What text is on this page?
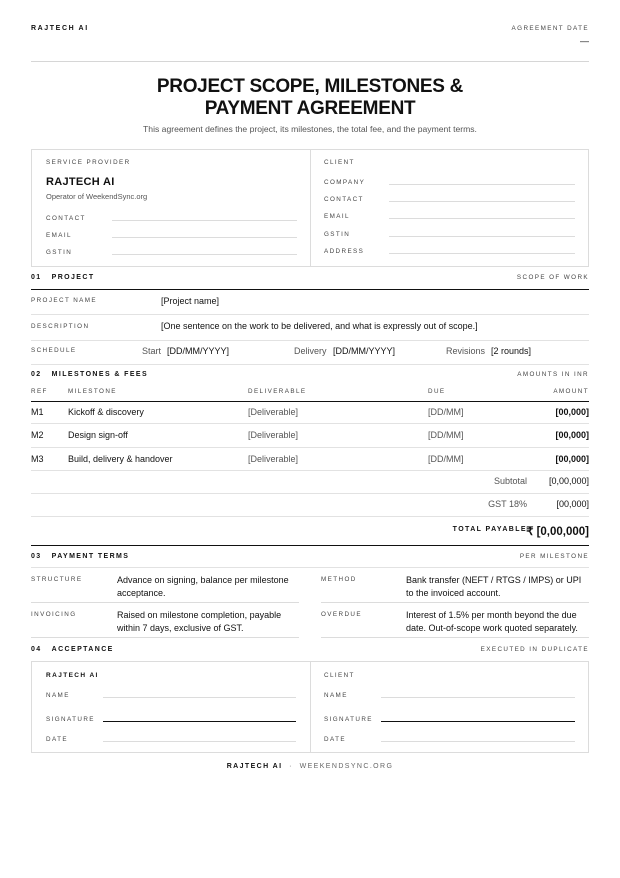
RAJTECH AI	AGREEMENT DATE
—
PROJECT SCOPE, MILESTONES &
PAYMENT AGREEMENT
This agreement defines the project, its milestones, the total fee, and the payment terms.
SERVICE PROVIDER
RAJTECH AI
Operator of WeekendSync.org
CONTACT
EMAIL
GSTIN
CLIENT
COMPANY
CONTACT
EMAIL
GSTIN
ADDRESS
01 PROJECT	SCOPE OF WORK
PROJECT NAME	[Project name]
DESCRIPTION	[One sentence on the work to be delivered, and what is expressly out of scope.]
SCHEDULE	Start [DD/MM/YYYY]	Delivery [DD/MM/YYYY]	Revisions [2 rounds]
02 MILESTONES & FEES	AMOUNTS IN INR
REF	MILESTONE	DELIVERABLE	DUE	AMOUNT
M1	Kickoff & discovery	[Deliverable]	[DD/MM]	[00,000]
M2	Design sign-off	[Deliverable]	[DD/MM]	[00,000]
M3	Build, delivery & handover	[Deliverable]	[DD/MM]	[00,000]
Subtotal [0,00,000]
GST 18%	[00,000]
TOTAL PAYABLE ₹ [0,00,000]
03 PAYMENT TERMS	PER MILESTONE
STRUCTURE	Advance on signing, balance per milestone
acceptance.
METHOD	Bank transfer (NEFT / RTGS / IMPS) or UPI
to the invoiced account.
INVOICING	Raised on milestone completion, payable
within 7 days, exclusive of GST.
OVERDUE	Interest of 1.5% per month beyond the due
date. Out-of-scope work quoted separately.
04 ACCEPTANCE	EXECUTED IN DUPLICATE
RAJTECH AI
NAME
SIGNATURE
DATE
CLIENT
NAME
SIGNATURE
DATE
RAJTECH AI · WEEKENDSYNC.ORG
